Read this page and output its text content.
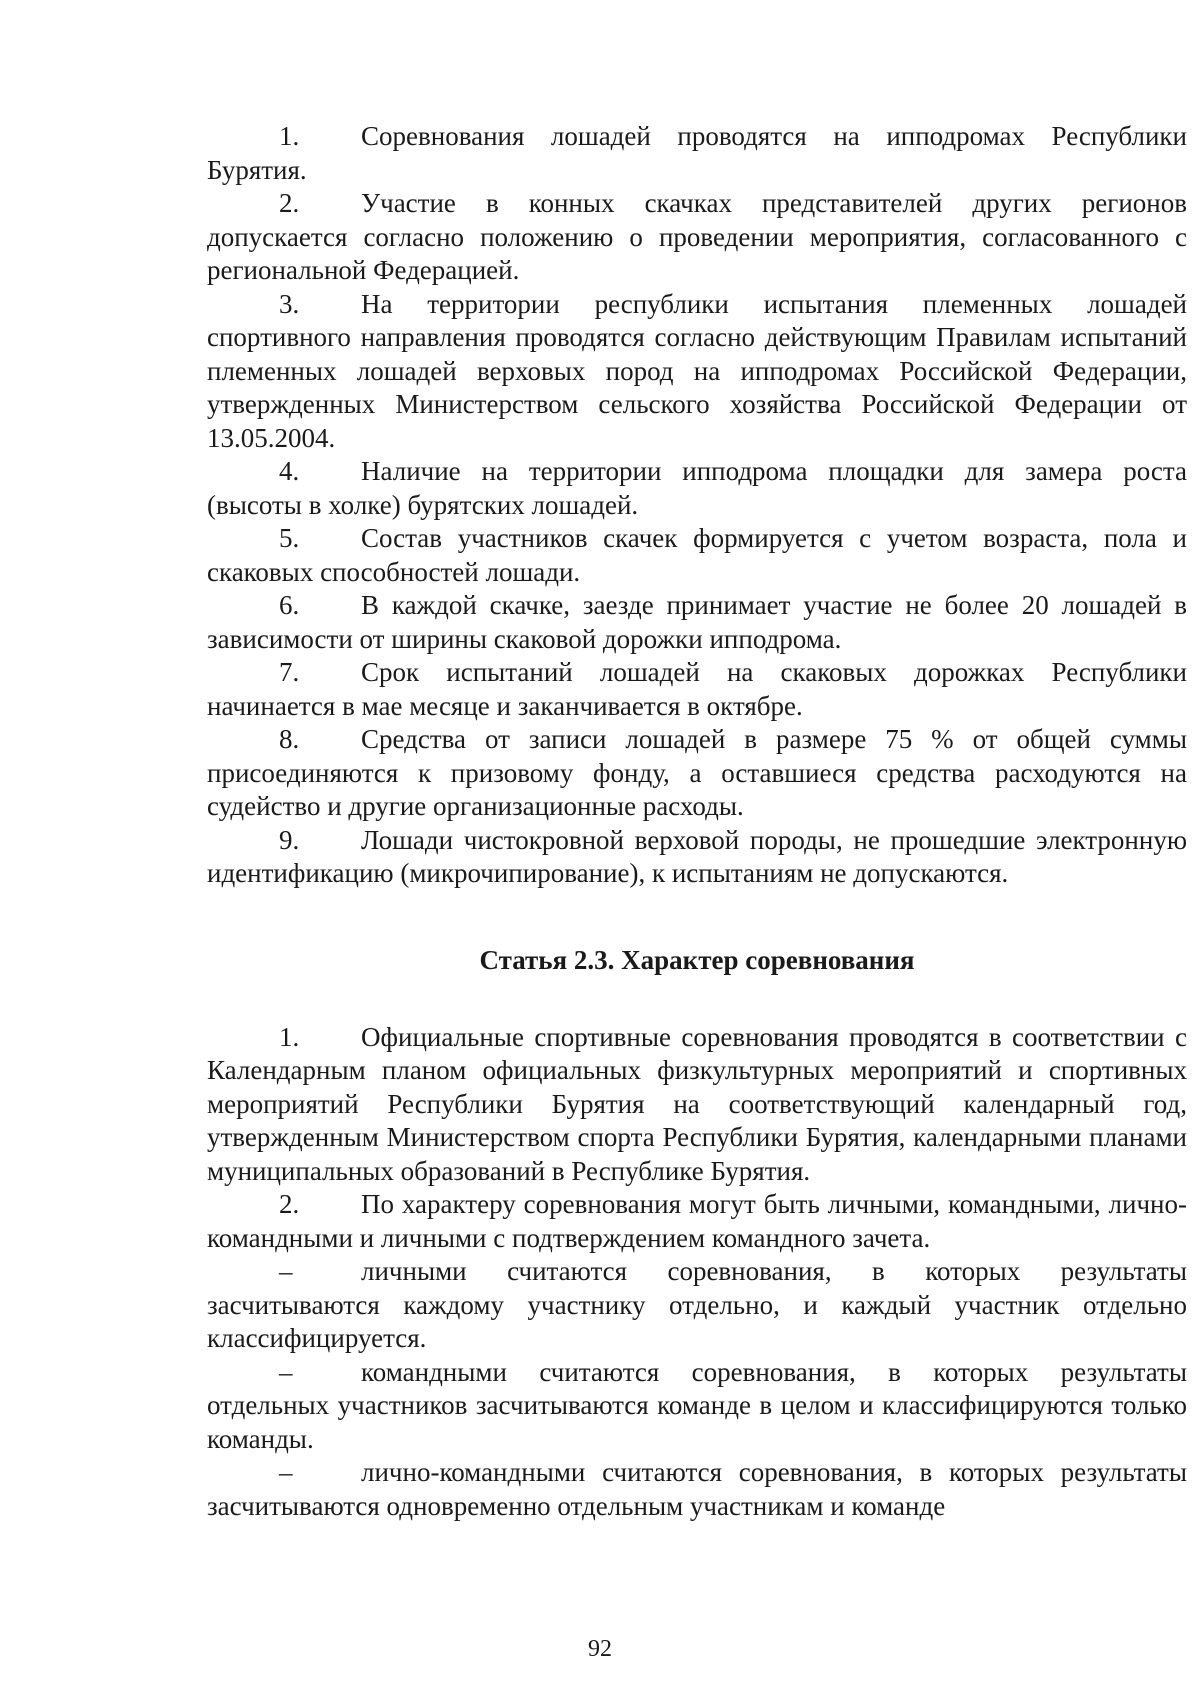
1. Соревнования лошадей проводятся на ипподромах Республики Бурятия.

2. Участие в конных скачках представителей других регионов допускается согласно положению о проведении мероприятия, согласованного с региональной Федерацией.

3. На территории республики испытания племенных лошадей спортивного направления проводятся согласно действующим Правилам испытаний племенных лошадей верховых пород на ипподромах Российской Федерации, утвержденных Министерством сельского хозяйства Российской Федерации от 13.05.2004.

4. Наличие на территории ипподрома площадки для замера роста (высоты в холке) бурятских лошадей.

5. Состав участников скачек формируется с учетом возраста, пола и скаковых способностей лошади.

6. В каждой скачке, заезде принимает участие не более 20 лошадей в зависимости от ширины скаковой дорожки ипподрома.

7. Срок испытаний лошадей на скаковых дорожках Республики начинается в мае месяце и заканчивается в октябре.

8. Средства от записи лошадей в размере 75 % от общей суммы присоединяются к призовому фонду, а оставшиеся средства расходуются на судейство и другие организационные расходы.

9. Лошади чистокровной верховой породы, не прошедшие электронную идентификацию (микрочипирование), к испытаниям не допускаются.

Статья 2.3. Характер соревнования

1. Официальные спортивные соревнования проводятся в соответствии с Календарным планом официальных физкультурных мероприятий и спортивных мероприятий Республики Бурятия на соответствующий календарный год, утвержденным Министерством спорта Республики Бурятия, календарными планами муниципальных образований в Республике Бурятия.

2. По характеру соревнования могут быть личными, командными, лично-командными и личными с подтверждением командного зачета.

–	личными считаются соревнования, в которых результаты засчитываются каждому участнику отдельно, и каждый участник отдельно классифицируется.

–	командными считаются соревнования, в которых результаты отдельных участников засчитываются команде в целом и классифицируются только команды.

–	лично-командными считаются соревнования, в которых результаты засчитываются одновременно отдельным участникам и команде

92
